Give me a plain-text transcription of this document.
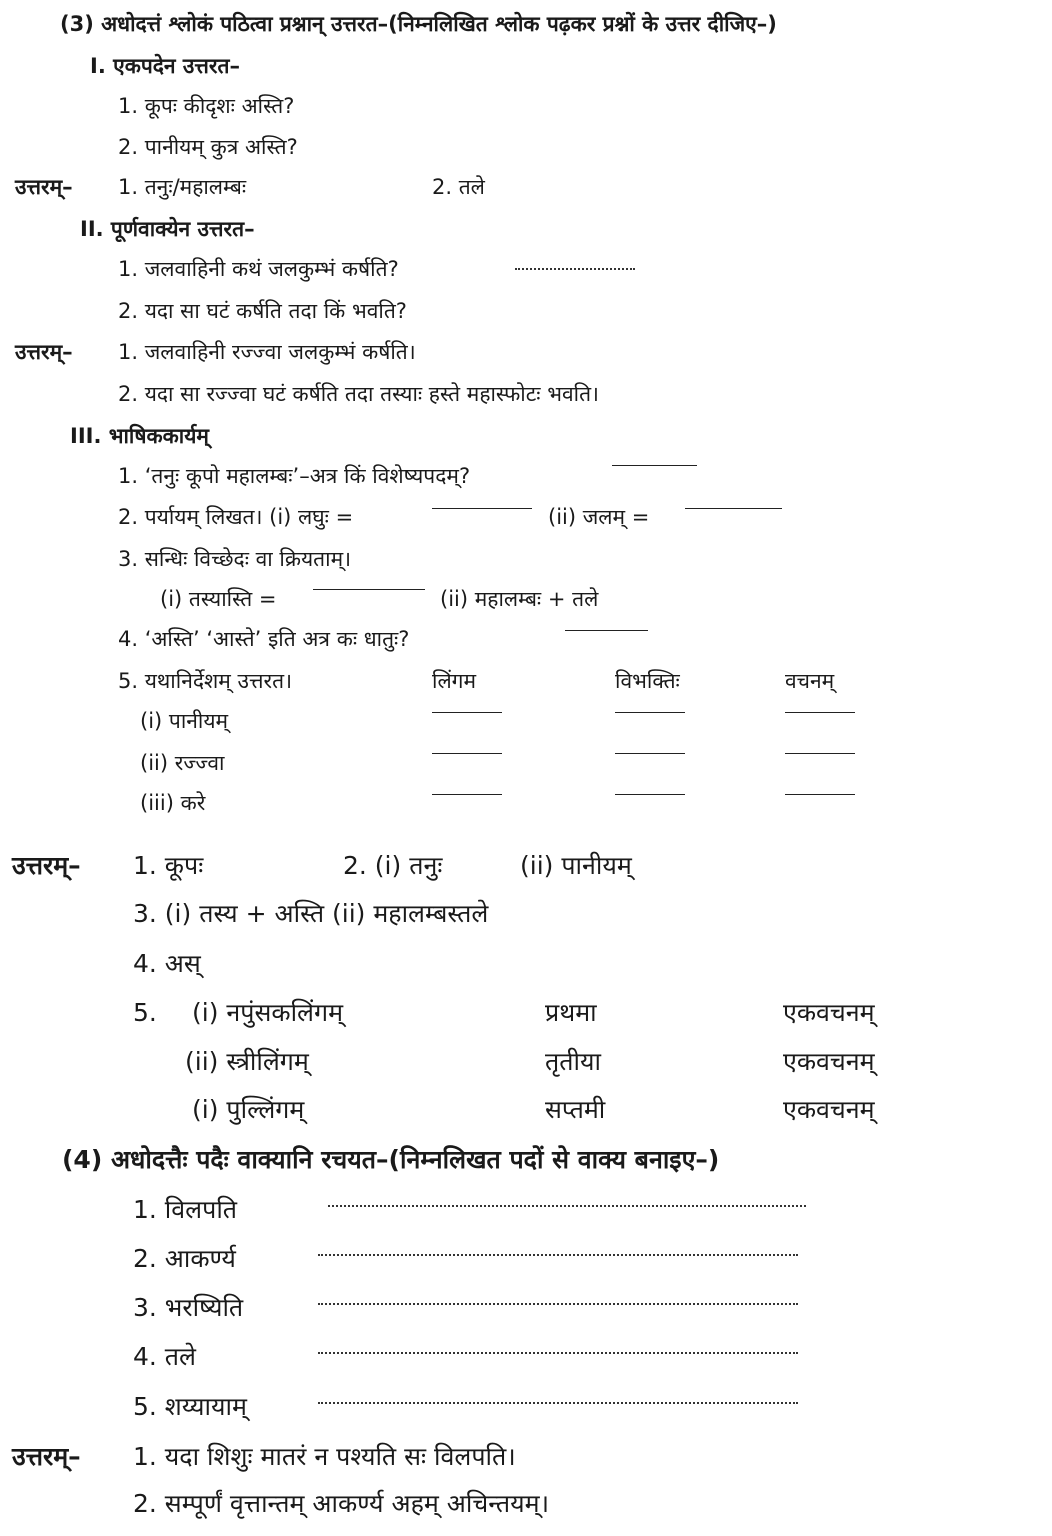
(3) अधोदत्तं श्लोकं पठित्वा प्रश्नान् उत्तरत–(निम्नलिखित श्लोक पढ़कर प्रश्नों के उत्तर दीजिए–)
I. एकपदेन उत्तरत–
1. कूपः कीदृशः अस्ति?
2. पानीयम् कुत्र अस्ति?
उत्तरम्– 1. तनुः/महालम्बः	2. तले
II. पूर्णवाक्येन उत्तरत–
1. जलवाहिनी कथं जलकुम्भं कर्षति?
2. यदा सा घटं कर्षति तदा किं भवति?
उत्तरम्– 1. जलवाहिनी रज्ज्वा जलकुम्भं कर्षति।
2. यदा सा रज्ज्वा घटं कर्षति तदा तस्याः हस्ते महास्फोटः भवति।
III. भाषिककार्यम्
1. ‘तनुः कूपो महालम्बः’–अत्र किं विशेष्यपदम्?
2. पर्यायम् लिखत। (i) लघुः =	(ii) जलम् =
3. सन्धिः विच्छेदः वा क्रियताम्।
(i) तस्यास्ति =	(ii) महालम्बः + तले
4. ‘अस्ति’ ‘आस्ते’ इति अत्र कः धातुः?
5. यथानिर्देशम् उत्तरत।	लिंगम	विभक्तिः	वचनम्
(i) पानीयम्
(ii) रज्ज्वा
(iii) करे
उत्तरम्– 1. कूपः	2. (i) तनुः	(ii) पानीयम्
3. (i) तस्य + अस्ति (ii) महालम्बस्तले
4. अस्
5. (i) नपुंसकलिंगम्	प्रथमा	एकवचनम्
(ii) स्त्रीलिंगम्	तृतीया	एकवचनम्
(i) पुल्लिंगम्	सप्तमी	एकवचनम्
(4) अधोदत्तैः पदैः वाक्यानि रचयत–(निम्नलिखत पदों से वाक्य बनाइए–)
1. विलपति
2. आकर्ण्य
3. भरष्यिति
4. तले
5. शय्यायाम्
उत्तरम्– 1. यदा शिशुः मातरं न पश्यति सः विलपति।
2. सम्पूर्णं वृत्तान्तम् आकर्ण्य अहम् अचिन्तयम्।
